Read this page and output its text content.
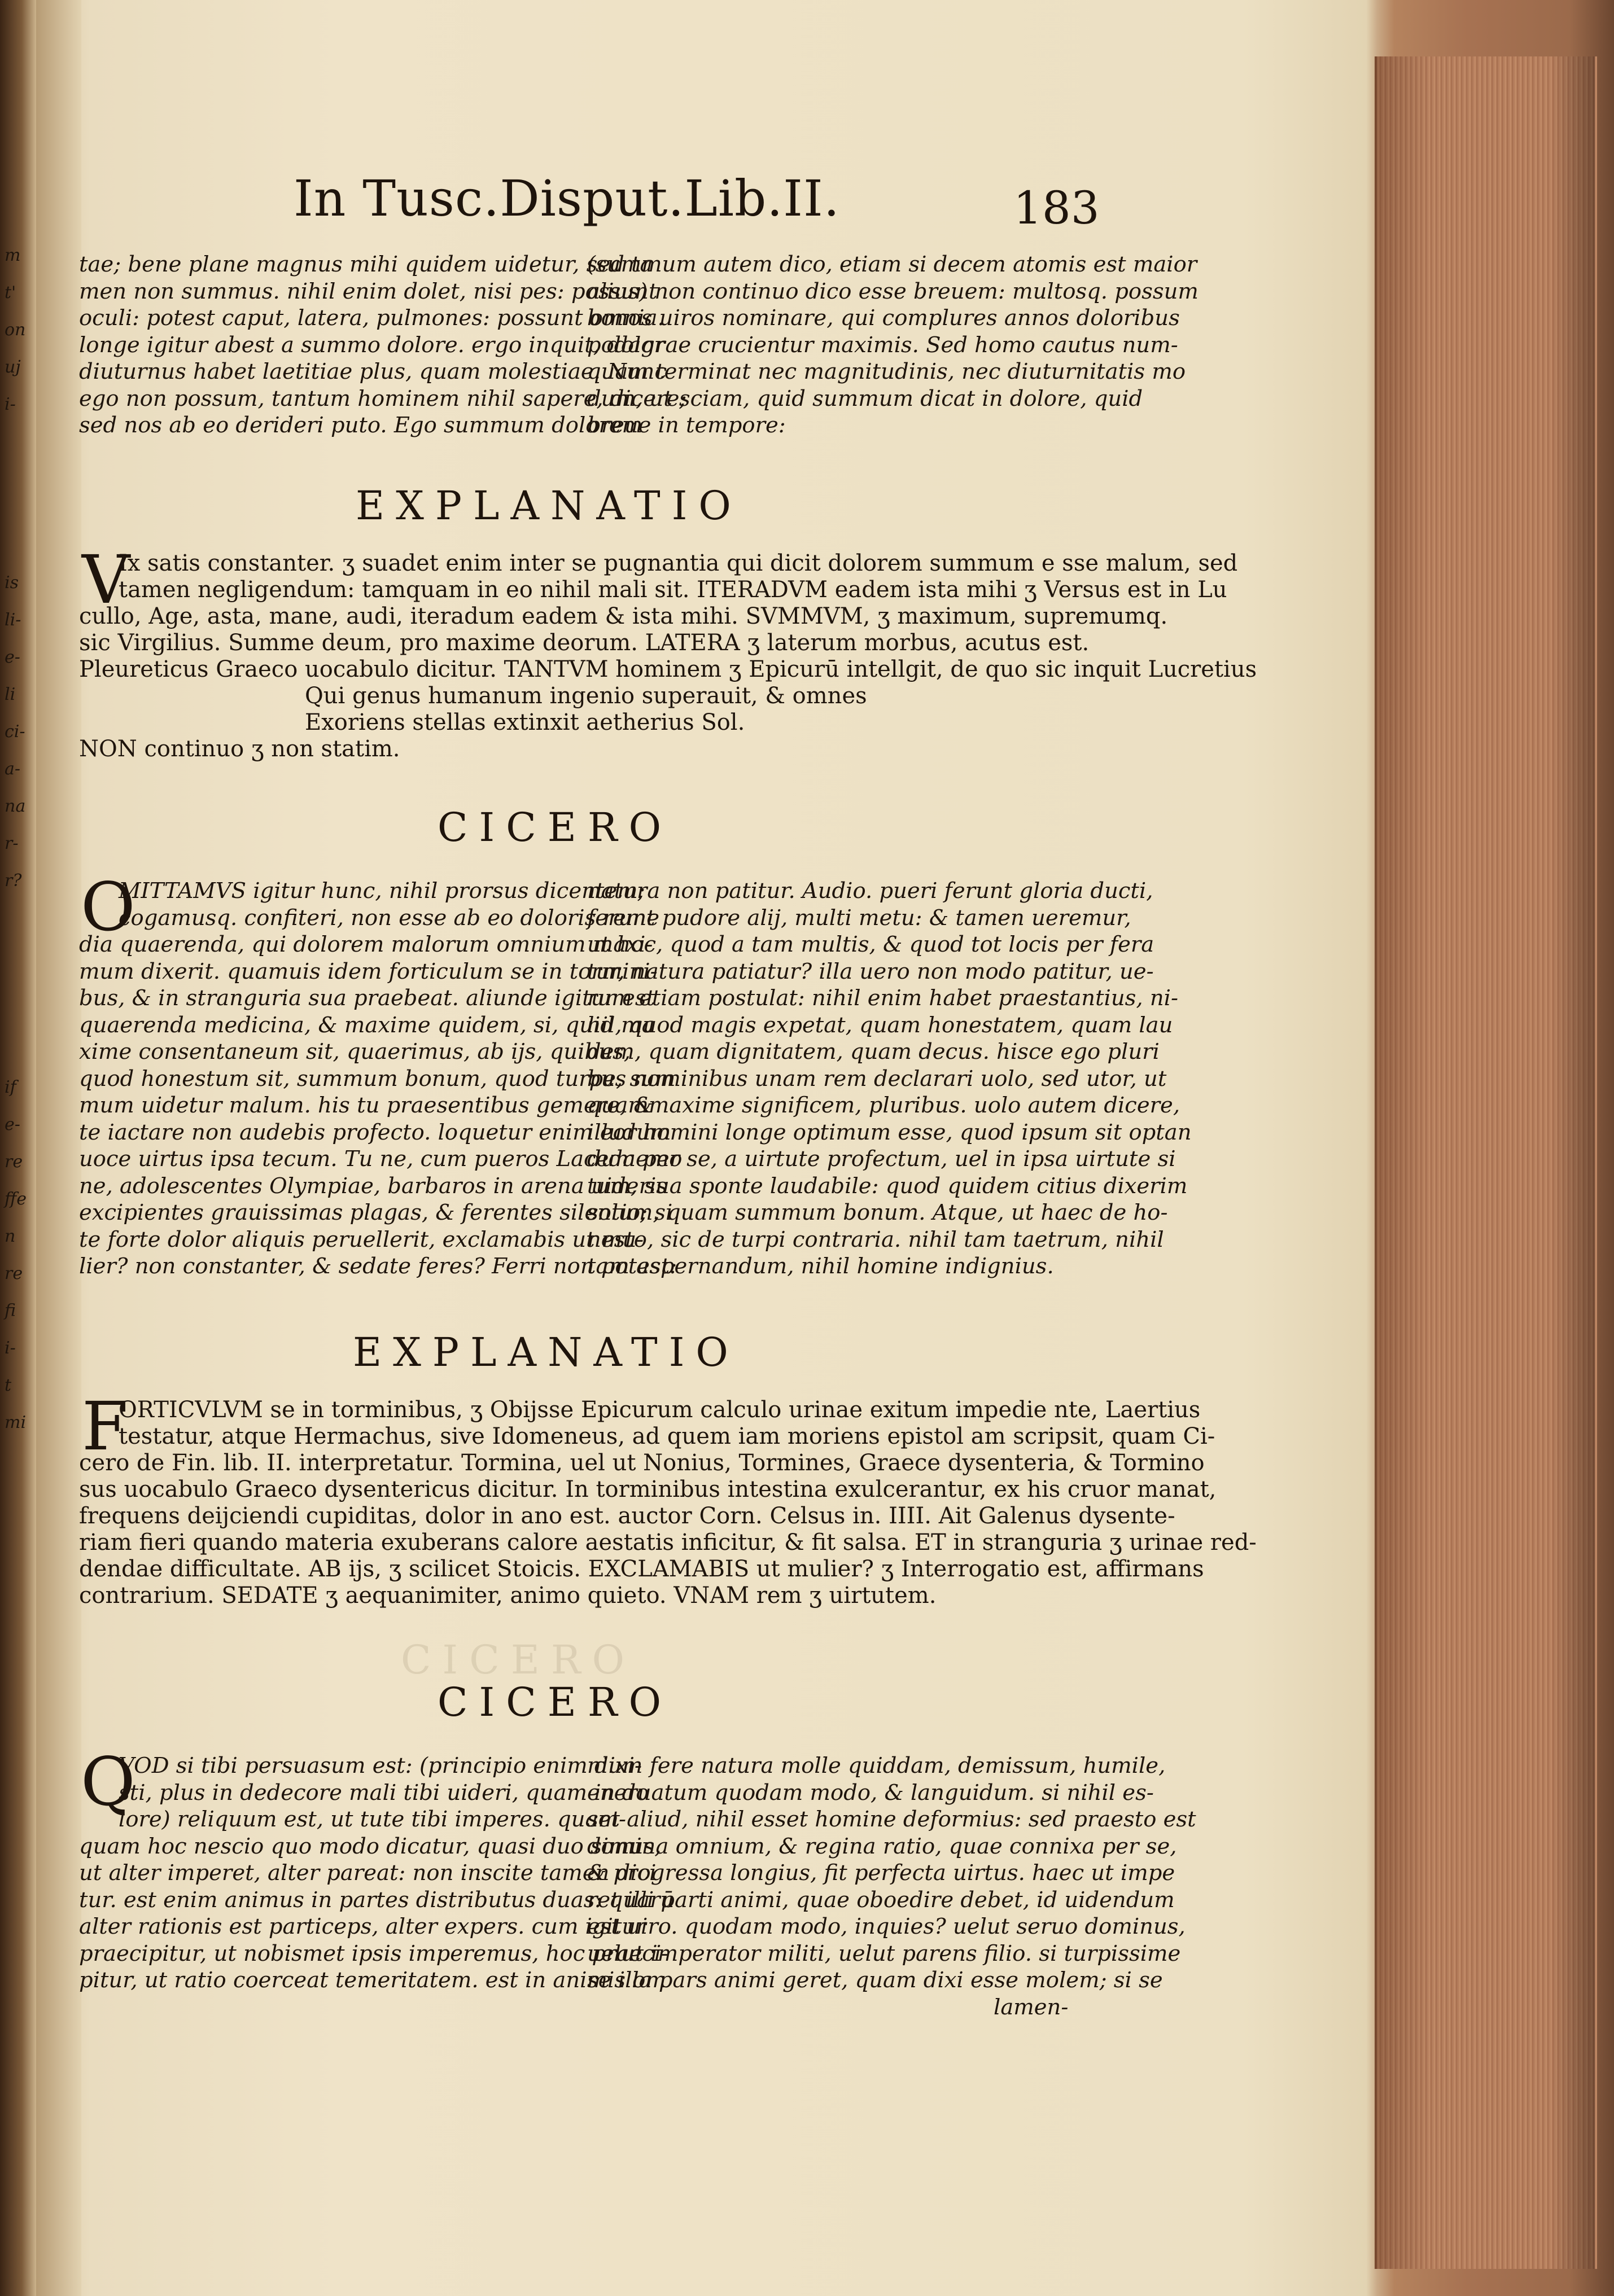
m
t'
on
uj
i-
is
li-
e-
li
ci-
a-
na
r-
r?
if
e-
re
ffe
n
re
fi
i-
t
mi
In Tusc.Disput.Lib.II.	183
tae; bene plane magnus mihi quidem uidetur, sed ta
men non summus. nihil enim dolet, nisi pes: possunt
oculi: potest caput, latera, pulmones: possunt omnia.
longe igitur abest a summo dolore. ergo inquit, dolor
diuturnus habet laetitiae plus, quam molestiae. Nunc
ego non possum, tantum hominem nihil sapere, dicere;
sed nos ab eo derideri puto. Ego summum dolorem
(summum autem dico, etiam si decem atomis est maior
alius) non continuo dico esse breuem: multosq. possum
bonos uiros nominare, qui complures annos doloribus
podagrae crucientur maximis. Sed homo cautus num-
quam terminat nec magnitudinis, nec diuturnitatis mo
dum, ut sciam, quid summum dicat in dolore, quid
breue in tempore:
EXPLANATIO
V
Ix satis constanter. ʒ suadet enim inter se pugnantia qui dicit dolorem summum e sse malum, sed
tamen negligendum: tamquam in eo nihil mali sit. ITERADVM eadem ista mihi ʒ Versus est in Lu
cullo, Age, asta, mane, audi, iteradum eadem & ista mihi. SVMMVM, ʒ maximum, supremumq.
sic Virgilius. Summe deum, pro maxime deorum. LATERA ʒ laterum morbus, acutus est.
Pleureticus Graeco uocabulo dicitur. TANTVM hominem ʒ Epicurū intellgit, de quo sic inquit Lucretius
Qui genus humanum ingenio superauit, & omnes
Exoriens stellas extinxit aetherius Sol.
NON continuo ʒ non statim.
CICERO
O
MITTAMVS igitur hunc, nihil prorsus dicentem;
cogamusq. confiteri, non esse ab eo doloris reme
dia quaerenda, qui dolorem malorum omnium maxi-
mum dixerit. quamuis idem forticulum se in tormini-
bus, & in stranguria sua praebeat. aliunde igitur est
quaerenda medicina, & maxime quidem, si, quid ma
xime consentaneum sit, quaerimus, ab ijs, quibus,
quod honestum sit, summum bonum, quod turpe, sum
mum uidetur malum. his tu praesentibus gemere, &
te iactare non audebis profecto. loquetur enim eorum
uoce uirtus ipsa tecum. Tu ne, cum pueros Lacedaemo
ne, adolescentes Olympiae, barbaros in arena uideris
excipientes grauissimas plagas, & ferentes silentio; si
te forte dolor aliquis peruellerit, exclamabis ut mu-
lier? non constanter, & sedate feres? Ferri non potest:
natura non patitur. Audio. pueri ferunt gloria ducti,
ferunt pudore alij, multi metu: & tamen ueremur,
ut hoc, quod a tam multis, & quod tot locis per fera
tur, natura patiatur? illa uero non modo patitur, ue-
rum etiam postulat: nihil enim habet praestantius, ni-
hil, quod magis expetat, quam honestatem, quam lau
dem, quam dignitatem, quam decus. hisce ego pluri
bus nominibus unam rem declarari uolo, sed utor, ut
quammaxime significem, pluribus. uolo autem dicere,
illud homini longe optimum esse, quod ipsum sit optan
dum per se, a uirtute profectum, uel in ipsa uirtute si
tum, sua sponte laudabile: quod quidem citius dixerim
solum, quam summum bonum. Atque, ut haec de ho-
nesto, sic de turpi contraria. nihil tam taetrum, nihil
tam aspernandum, nihil homine indignius.
EXPLANATIO
F
ORTICVLVM se in torminibus, ʒ Obijsse Epicurum calculo urinae exitum impedie nte, Laertius
testatur, atque Hermachus, sive Idomeneus, ad quem iam moriens epistol am scripsit, quam Ci-
cero de Fin. lib. II. interpretatur. Tormina, uel ut Nonius, Tormines, Graece dysenteria, & Tormino
sus uocabulo Graeco dysentericus dicitur. In torminibus intestina exulcerantur, ex his cruor manat,
frequens deijciendi cupiditas, dolor in ano est. auctor Corn. Celsus in. IIII. Ait Galenus dysente-
riam fieri quando materia exuberans calore aestatis inficitur, & fit salsa. ET in stranguria ʒ urinae red-
dendae difficultate. AB ijs, ʒ scilicet Stoicis. EXCLAMABIS ut mulier? ʒ Interrogatio est, affirmans
contrarium. SEDATE ʒ aequanimiter, animo quieto. VNAM rem ʒ uirtutem.
CICERO
CICERO
Q
VOD si tibi persuasum est: (principio enim dixi-
sti, plus in dedecore mali tibi uideri, quam in do
lore) reliquum est, ut tute tibi imperes. quam-
quam hoc nescio quo modo dicatur, quasi duo simus,
ut alter imperet, alter pareat: non inscite tamen dici
tur. est enim animus in partes distributus duas: quarū
alter rationis est particeps, alter expers. cum igitur
praecipitur, ut nobismet ipsis imperemus, hoc praeci-
pitur, ut ratio coerceat temeritatem. est in animis om
nium fere natura molle quiddam, demissum, humile,
eneruatum quodam modo, & languidum. si nihil es-
set aliud, nihil esset homine deformius: sed praesto est
domina omnium, & regina ratio, quae connixa per se,
& progressa longius, fit perfecta uirtus. haec ut impe
ret illi parti animi, quae oboedire debet, id uidendum
est uiro. quodam modo, inquies? uelut seruo dominus,
uelut imperator militi, uelut parens filio. si turpissime
se illa pars animi geret, quam dixi esse molem; si se
lamen-
